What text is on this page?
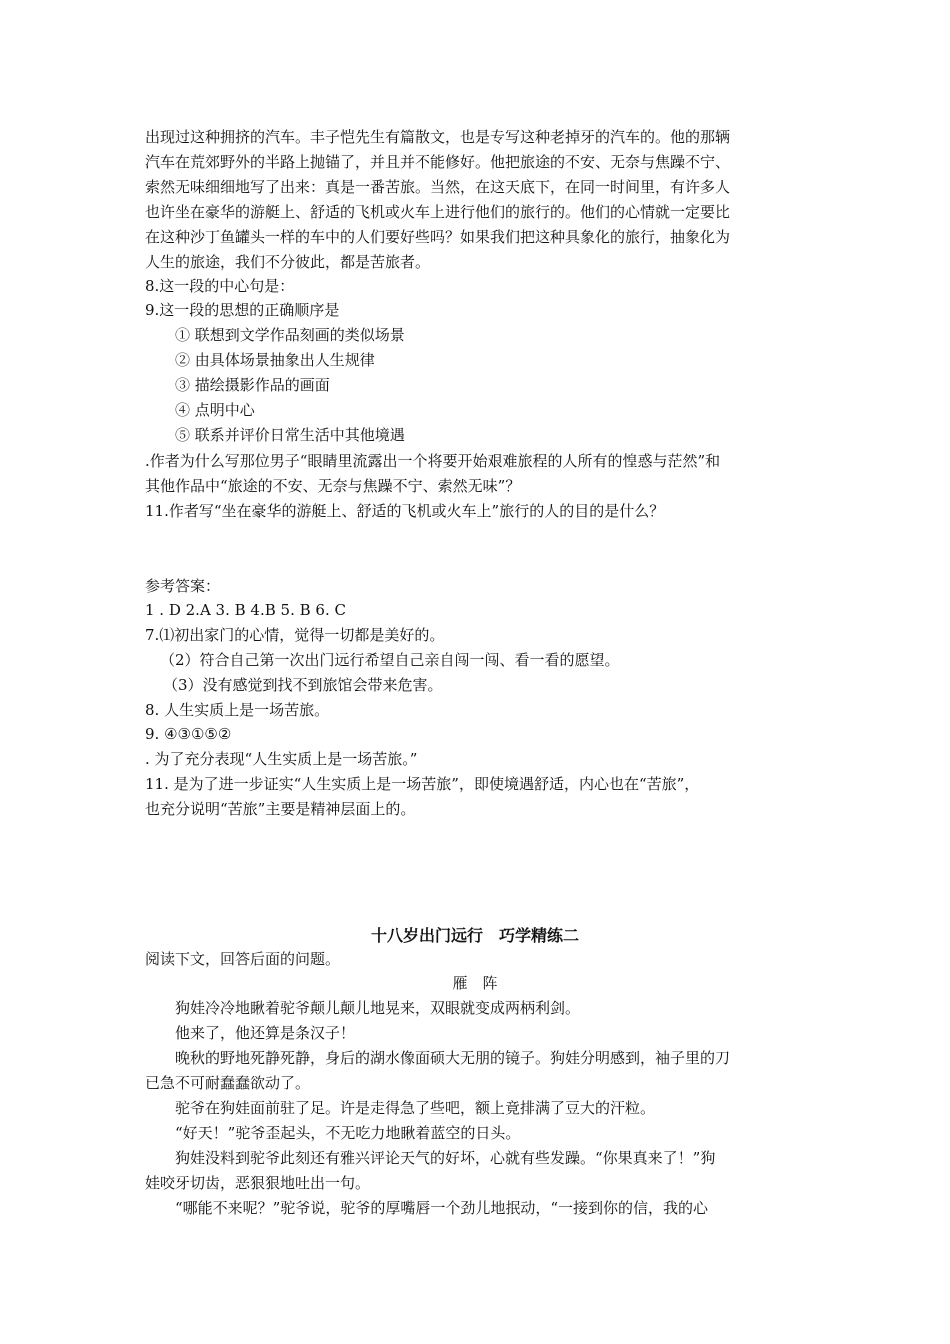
出现过这种拥挤的汽车。丰子恺先生有篇散文，也是专写这种老掉牙的汽车的。他的那辆
汽车在荒郊野外的半路上抛锚了，并且并不能修好。他把旅途的不安、无奈与焦躁不宁、
索然无味细细地写了出来：真是一番苦旅。当然，在这天底下，在同一时间里，有许多人
也许坐在豪华的游艇上、舒适的飞机或火车上进行他们的旅行的。他们的心情就一定要比
在这种沙丁鱼罐头一样的车中的人们要好些吗？如果我们把这种具象化的旅行，抽象化为
人生的旅途，我们不分彼此，都是苦旅者。
8.这一段的中心句是：
9.这一段的思想的正确顺序是
① 联想到文学作品刻画的类似场景
② 由具体场景抽象出人生规律
③ 描绘摄影作品的画面
④ 点明中心
⑤ 联系并评价日常生活中其他境遇
.作者为什么写那位男子“眼睛里流露出一个将要开始艰难旅程的人所有的惶惑与茫然”和
其他作品中“旅途的不安、无奈与焦躁不宁、索然无味”？
11.作者写“坐在豪华的游艇上、舒适的飞机或火车上”旅行的人的目的是什么？
参考答案：
1 . D 2.A 3. B 4.B 5. B 6. C
7.⑴初出家门的心情，觉得一切都是美好的。
（2）符合自己第一次出门远行希望自己亲自闯一闯、看一看的愿望。
（3）没有感觉到找不到旅馆会带来危害。
8. 人生实质上是一场苦旅。
9. ④③①⑤②
. 为了充分表现“人生实质上是一场苦旅。”
11. 是为了进一步证实“人生实质上是一场苦旅”，即使境遇舒适，内心也在“苦旅”，
也充分说明“苦旅”主要是精神层面上的。
十八岁出门远行　巧学精练二
阅读下文，回答后面的问题。
雁　阵
狗娃冷冷地瞅着驼爷颠儿颠儿地晃来，双眼就变成两柄利剑。
他来了，他还算是条汉子！
晚秋的野地死静死静，身后的湖水像面硕大无朋的镜子。狗娃分明感到，袖子里的刀
已急不可耐蠢蠢欲动了。
驼爷在狗娃面前驻了足。许是走得急了些吧，额上竟排满了豆大的汗粒。
“好天！”驼爷歪起头，不无吃力地瞅着蓝空的日头。
狗娃没料到驼爷此刻还有雅兴评论天气的好坏，心就有些发躁。“你果真来了！”狗
娃咬牙切齿，恶狠狠地吐出一句。
“哪能不来呢？”驼爷说，驼爷的厚嘴唇一个劲儿地抿动，“一接到你的信，我的心
